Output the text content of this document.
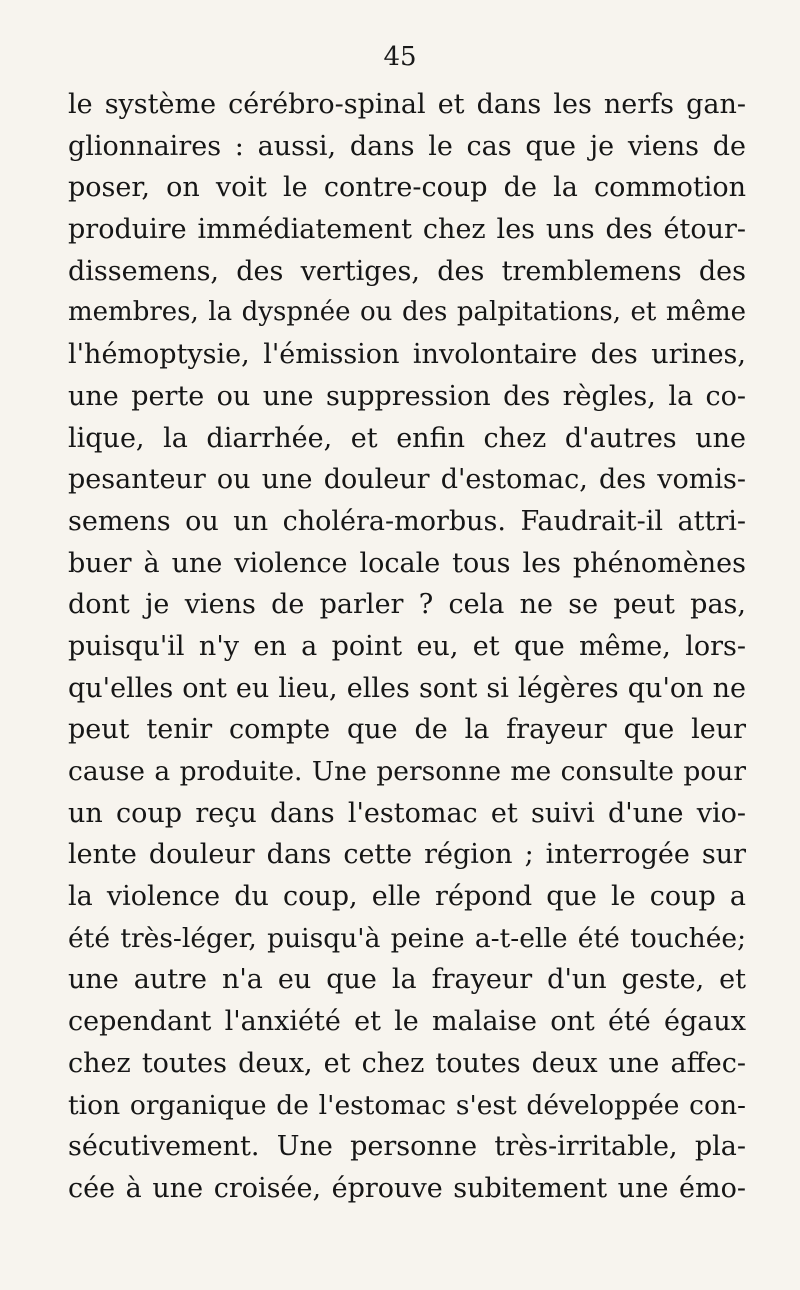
45
le système cérébro-spinal et dans les nerfs gan-
glionnaires : aussi, dans le cas que je viens de
poser, on voit le contre-coup de la commotion
produire immédiatement chez les uns des étour-
dissemens, des vertiges, des tremblemens des
membres, la dyspnée ou des palpitations, et même
l'hémoptysie, l'émission involontaire des urines,
une perte ou une suppression des règles, la co-
lique, la diarrhée, et enfin chez d'autres une
pesanteur ou une douleur d'estomac, des vomis-
semens ou un choléra-morbus. Faudrait-il attri-
buer à une violence locale tous les phénomènes
dont je viens de parler ? cela ne se peut pas,
puisqu'il n'y en a point eu, et que même, lors-
qu'elles ont eu lieu, elles sont si légères qu'on ne
peut tenir compte que de la frayeur que leur
cause a produite. Une personne me consulte pour
un coup reçu dans l'estomac et suivi d'une vio-
lente douleur dans cette région ; interrogée sur
la violence du coup, elle répond que le coup a
été très-léger, puisqu'à peine a-t-elle été touchée;
une autre n'a eu que la frayeur d'un geste, et
cependant l'anxiété et le malaise ont été égaux
chez toutes deux, et chez toutes deux une affec-
tion organique de l'estomac s'est développée con-
sécutivement. Une personne très-irritable, pla-
cée à une croisée, éprouve subitement une émo-
